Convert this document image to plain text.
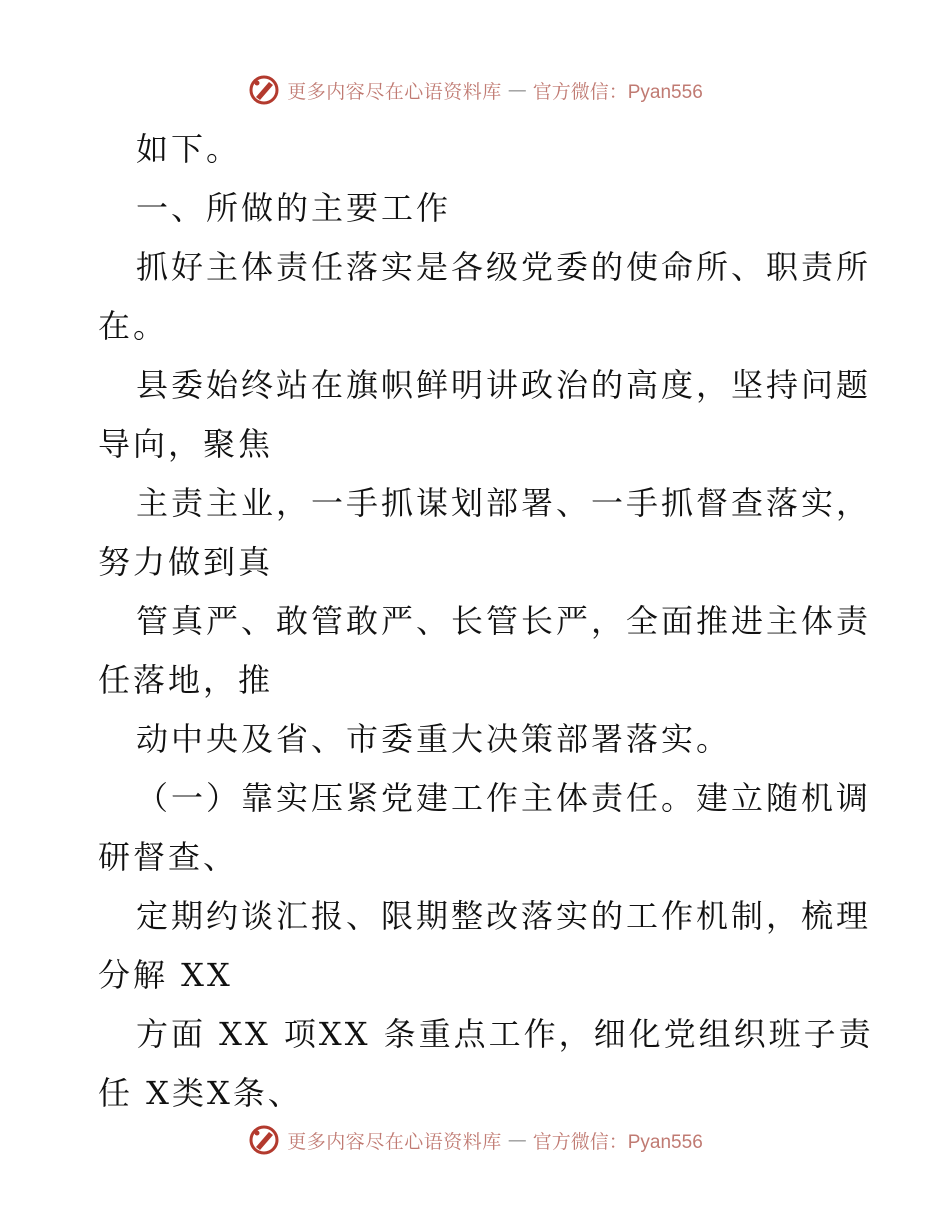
更多内容尽在心语资料库 — 官方微信：Pyan556
如下。
一、所做的主要工作
抓好主体责任落实是各级党委的使命所、职责所
在。
县委始终站在旗帜鲜明讲政治的高度，坚持问题
导向，聚焦
主责主业，一手抓谋划部署、一手抓督查落实，
努力做到真
管真严、敢管敢严、长管长严，全面推进主体责
任落地，推
动中央及省、市委重大决策部署落实。
（一）靠实压紧党建工作主体责任。建立随机调
研督查、
定期约谈汇报、限期整改落实的工作机制，梳理
分解 XX
方面 XX 项XX 条重点工作，细化党组织班子责
任 X类X条、
更多内容尽在心语资料库 — 官方微信：Pyan556
